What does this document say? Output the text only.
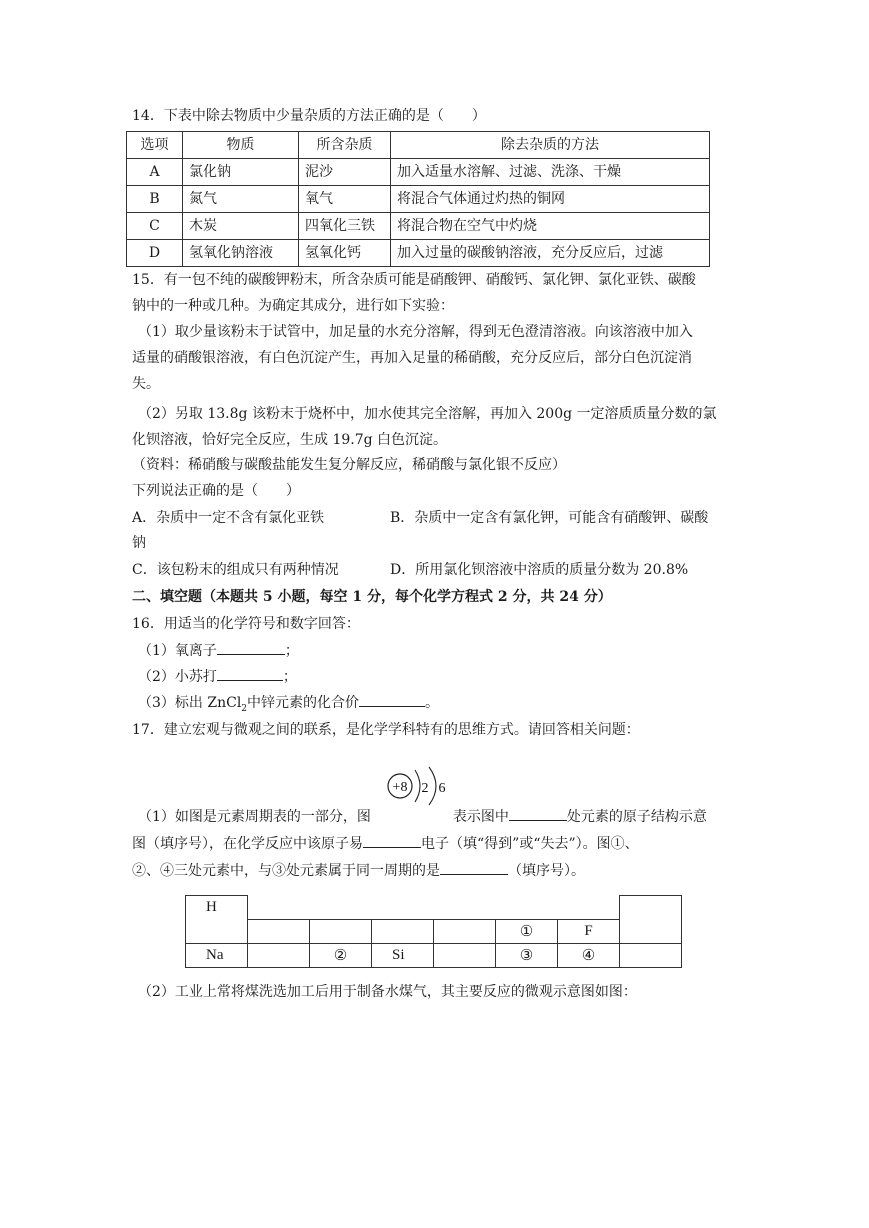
14．下表中除去物质中少量杂质的方法正确的是（　　）
选项	物质	所含杂质	除去杂质的方法
A	氯化钠	泥沙	加入适量水溶解、过滤、洗涤、干燥
B	氮气	氧气	将混合气体通过灼热的铜网
C	木炭	四氧化三铁	将混合物在空气中灼烧
D	氢氧化钠溶液	氢氧化钙	加入过量的碳酸钠溶液，充分反应后，过滤
15．有一包不纯的碳酸钾粉末，所含杂质可能是硝酸钾、硝酸钙、氯化钾、氯化亚铁、碳酸
钠中的一种或几种。为确定其成分，进行如下实验：
（1）取少量该粉末于试管中，加足量的水充分溶解，得到无色澄清溶液。向该溶液中加入
适量的硝酸银溶液，有白色沉淀产生，再加入足量的稀硝酸，充分反应后，部分白色沉淀消
失。
（2）另取 13.8g 该粉末于烧杯中，加水使其完全溶解，再加入 200g 一定溶质质量分数的氯
化钡溶液，恰好完全反应，生成 19.7g 白色沉淀。
（资料：稀硝酸与碳酸盐能发生复分解反应，稀硝酸与氯化银不反应）
下列说法正确的是（　　）
A．杂质中一定不含有氯化亚铁	B．杂质中一定含有氯化钾，可能含有硝酸钾、碳酸
钠
C．该包粉末的组成只有两种情况	D．所用氯化钡溶液中溶质的质量分数为 20.8%
二、填空题（本题共 5 小题，每空 1 分，每个化学方程式 2 分，共 24 分）
16．用适当的化学符号和数字回答：
（1）氧离子	；
（2）小苏打	；
（3）标出 ZnCl$_2$中锌元素的化合价	。
17．建立宏观与微观之间的联系，是化学学科特有的思维方式。请回答相关问题：
+8 2 6
（1）如图是元素周期表的一部分，图	表示图中	处元素的原子结构示意
图（填序号），在化学反应中该原子易	电子（填“得到”或“失去”）。图①、
②、④三处元素中，与③处元素属于同一周期的是	（填序号）。
H							
					①	F	
Na		②	Si		③	④	
（2）工业上常将煤洗选加工后用于制备水煤气，其主要反应的微观示意图如图：
